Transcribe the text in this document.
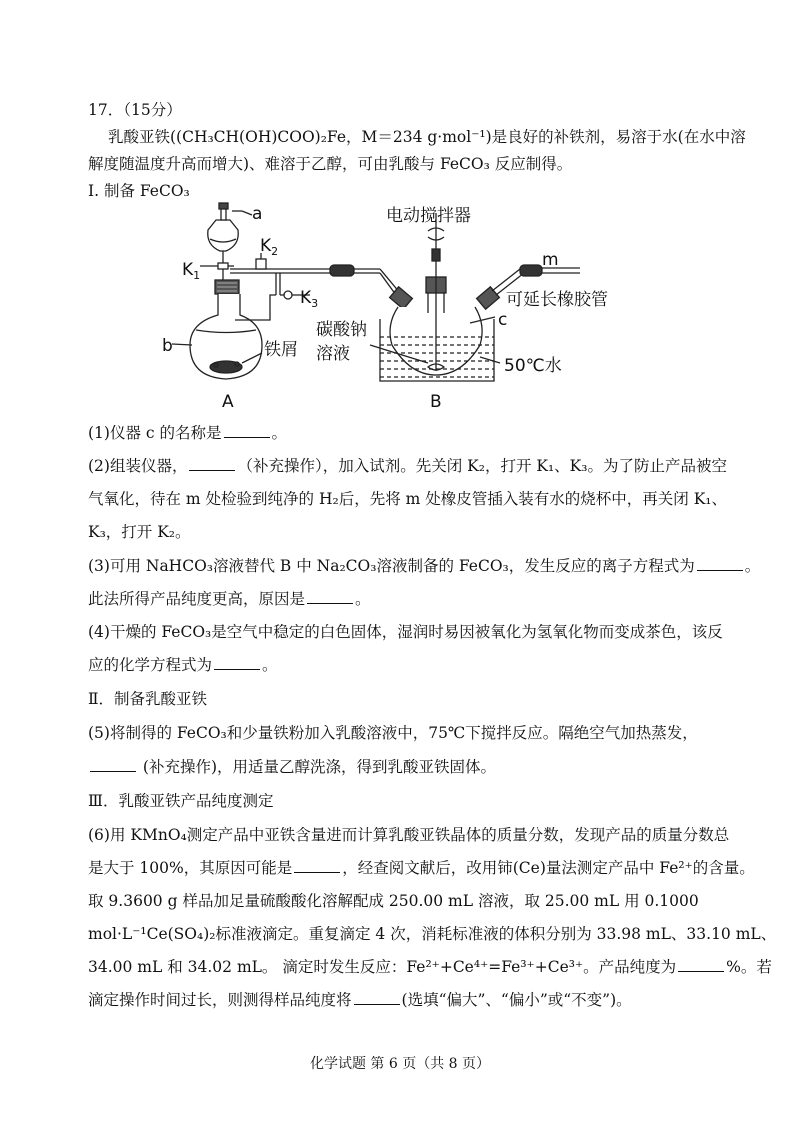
17．（15分）
乳酸亚铁((CH₃CH(OH)COO)₂Fe，M＝234 g·mol⁻¹)是良好的补铁剂，易溶于水(在水中溶
解度随温度升高而增大)、难溶于乙醇，可由乳酸与 FeCO₃ 反应制得。
I. 制备 FeCO₃
a
$K_1$
$K_2$
$K_3$
b	铁屑
A
电动搅拌器
m
可延长橡胶管
c
碳酸钠
溶液
50℃水
B
(1)仪器 c 的名称是	。
(2)组装仪器，	（补充操作），加入试剂。先关闭 K₂，打开 K₁、K₃。为了防止产品被空
气氧化，待在 m 处检验到纯净的 H₂后，先将 m 处橡皮管插入装有水的烧杯中，再关闭 K₁、
K₃，打开 K₂。
(3)可用 NaHCO₃溶液替代 B 中 Na₂CO₃溶液制备的 FeCO₃，发生反应的离子方程式为	。
此法所得产品纯度更高，原因是	。
(4)干燥的 FeCO₃是空气中稳定的白色固体，湿润时易因被氧化为氢氧化物而变成茶色，该反
应的化学方程式为	。
Ⅱ．制备乳酸亚铁
(5)将制得的 FeCO₃和少量铁粉加入乳酸溶液中，75℃下搅拌反应。隔绝空气加热蒸发，
(补充操作)，用适量乙醇洗涤，得到乳酸亚铁固体。
Ⅲ．乳酸亚铁产品纯度测定
(6)用 KMnO₄测定产品中亚铁含量进而计算乳酸亚铁晶体的质量分数，发现产品的质量分数总
是大于 100%，其原因可能是	，经查阅文献后，改用铈(Ce)量法测定产品中 Fe²⁺的含量。
取 9.3600 g 样品加足量硫酸酸化溶解配成 250.00 mL 溶液，取 25.00 mL 用 0.1000
mol·L⁻¹Ce(SO₄)₂标准液滴定。重复滴定 4 次，消耗标准液的体积分别为 33.98 mL、33.10 mL、
34.00 mL 和 34.02 mL。 滴定时发生反应：Fe²⁺+Ce⁴⁺=Fe³⁺+Ce³⁺。产品纯度为	%。若
滴定操作时间过长，则测得样品纯度将	(选填“偏大”、“偏小”或“不变”)。
化学试题 第 6 页（共 8 页）
